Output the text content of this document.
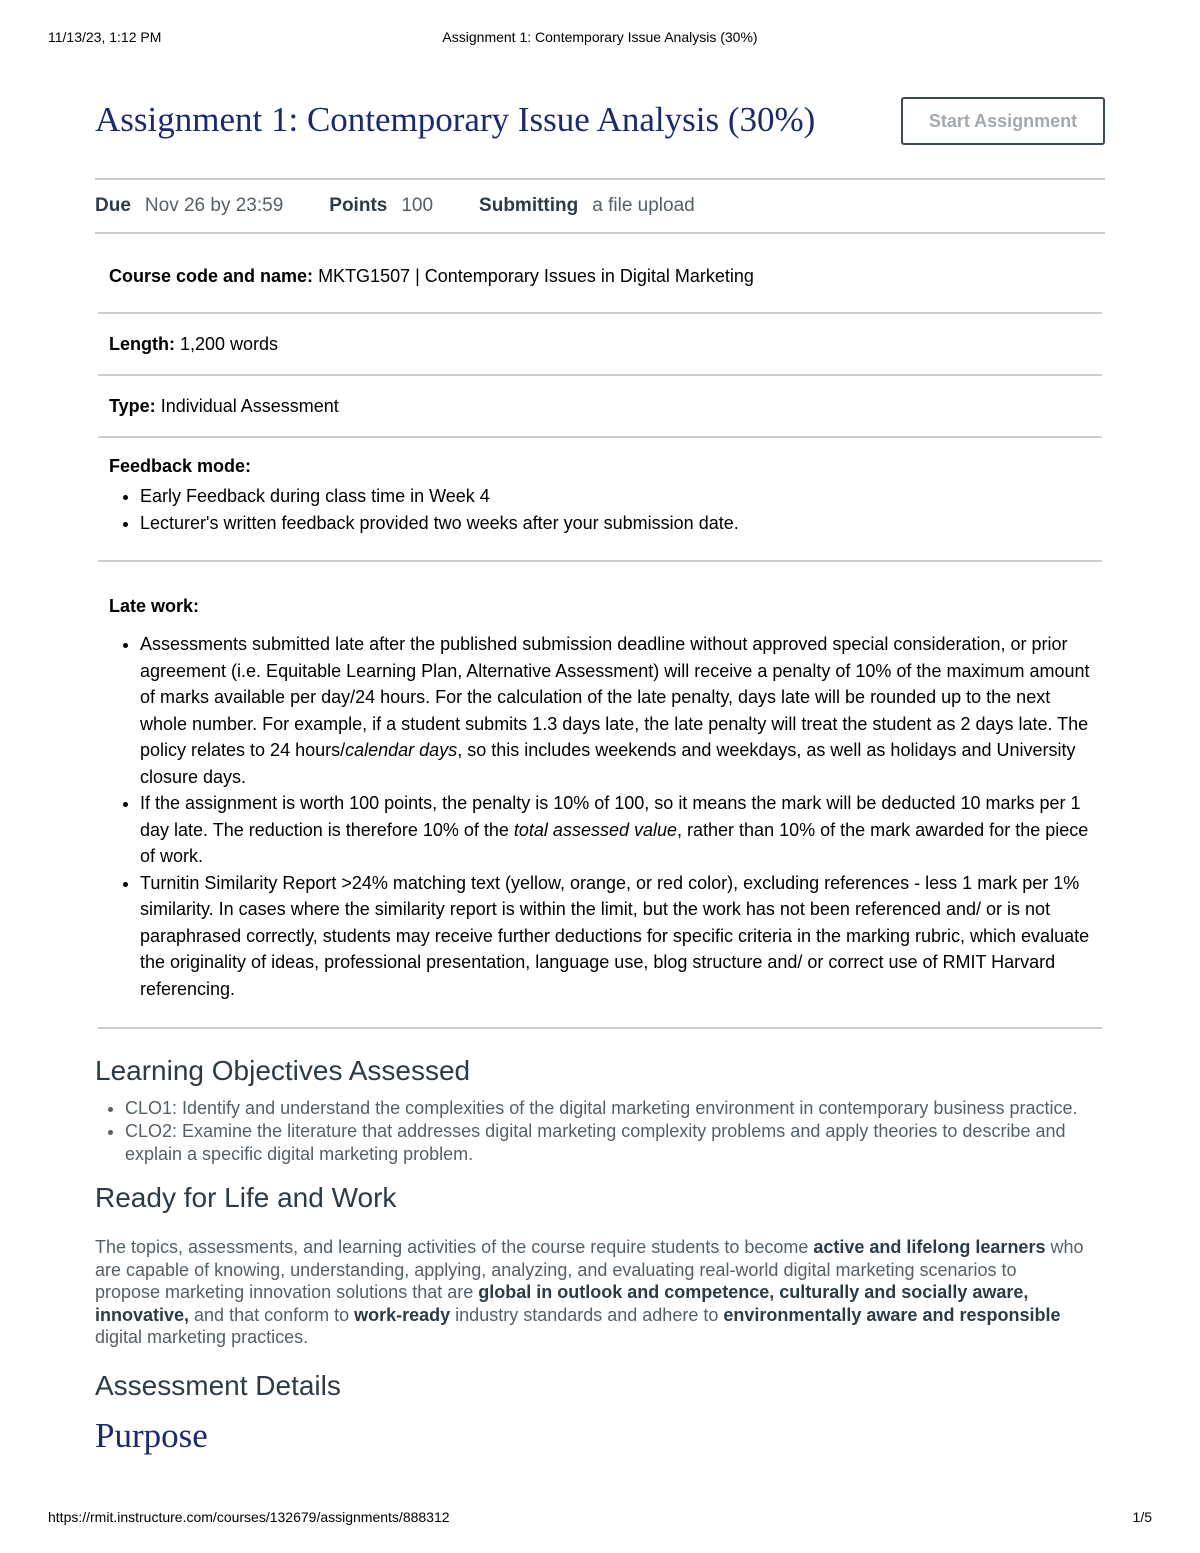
11/13/23, 1:12 PM	Assignment 1: Contemporary Issue Analysis (30%)
Assignment 1: Contemporary Issue Analysis (30%)	Start Assignment
Due Nov 26 by 23:59 Points 100 Submitting a file upload
Course code and name: MKTG1507 | Contemporary Issues in Digital Marketing
Length: 1,200 words
Type: Individual Assessment
Feedback mode:
• Early Feedback during class time in Week 4
• Lecturer's written feedback provided two weeks after your submission date.
Late work:
• Assessments submitted late after the published submission deadline without approved special consideration, or prior agreement (i.e. Equitable Learning Plan, Alternative Assessment) will receive a penalty of 10% of the maximum amount of marks available per day/24 hours. For the calculation of the late penalty, days late will be rounded up to the next whole number. For example, if a student submits 1.3 days late, the late penalty will treat the student as 2 days late. The policy relates to 24 hours/calendar days, so this includes weekends and weekdays, as well as holidays and University closure days.
• If the assignment is worth 100 points, the penalty is 10% of 100, so it means the mark will be deducted 10 marks per 1 day late. The reduction is therefore 10% of the total assessed value, rather than 10% of the mark awarded for the piece of work.
• Turnitin Similarity Report >24% matching text (yellow, orange, or red color), excluding references - less 1 mark per 1% similarity. In cases where the similarity report is within the limit, but the work has not been referenced and/ or is not paraphrased correctly, students may receive further deductions for specific criteria in the marking rubric, which evaluate the originality of ideas, professional presentation, language use, blog structure and/ or correct use of RMIT Harvard referencing.
Learning Objectives Assessed
• CLO1: Identify and understand the complexities of the digital marketing environment in contemporary business practice.
• CLO2: Examine the literature that addresses digital marketing complexity problems and apply theories to describe and explain a specific digital marketing problem.
Ready for Life and Work

The topics, assessments, and learning activities of the course require students to become active and lifelong learners who are capable of knowing, understanding, applying, analyzing, and evaluating real-world digital marketing scenarios to propose marketing innovation solutions that are global in outlook and competence, culturally and socially aware, innovative, and that conform to work-ready industry standards and adhere to environmentally aware and responsible digital marketing practices.

Assessment Details
Purpose
https://rmit.instructure.com/courses/132679/assignments/888312	1/5
